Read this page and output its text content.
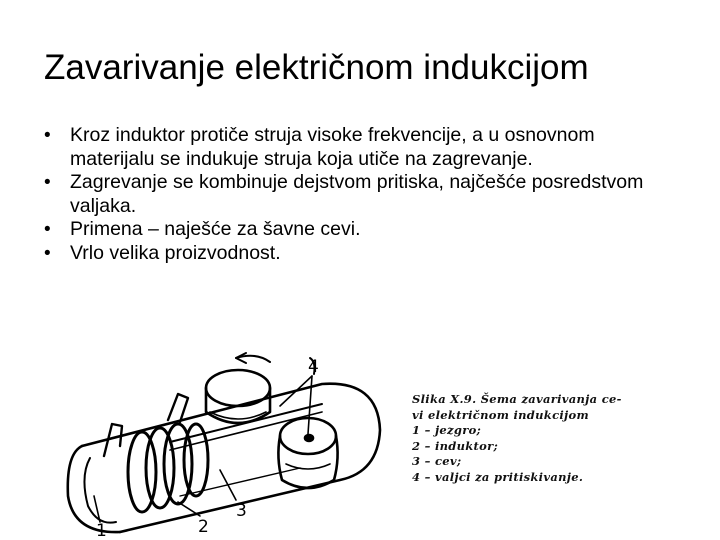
Zavarivanje električnom indukcijom
• Kroz induktor protiče struja visoke frekvencije, a u osnovnom materijalu se indukuje struja koja utiče na zagrevanje.
• Zagrevanje se kombinuje dejstvom pritiska, najčešće posredstvom valjaka.
• Primena – naješće za šavne cevi.
• Vrlo velika proizvodnost.
1	2
3
4
Slika X.9. Šema zavarivanja ce-
vi električnom indukcijom
1 – jezgro;
2 – induktor;
3 – cev;
4 – valjci za pritiskivanje.
